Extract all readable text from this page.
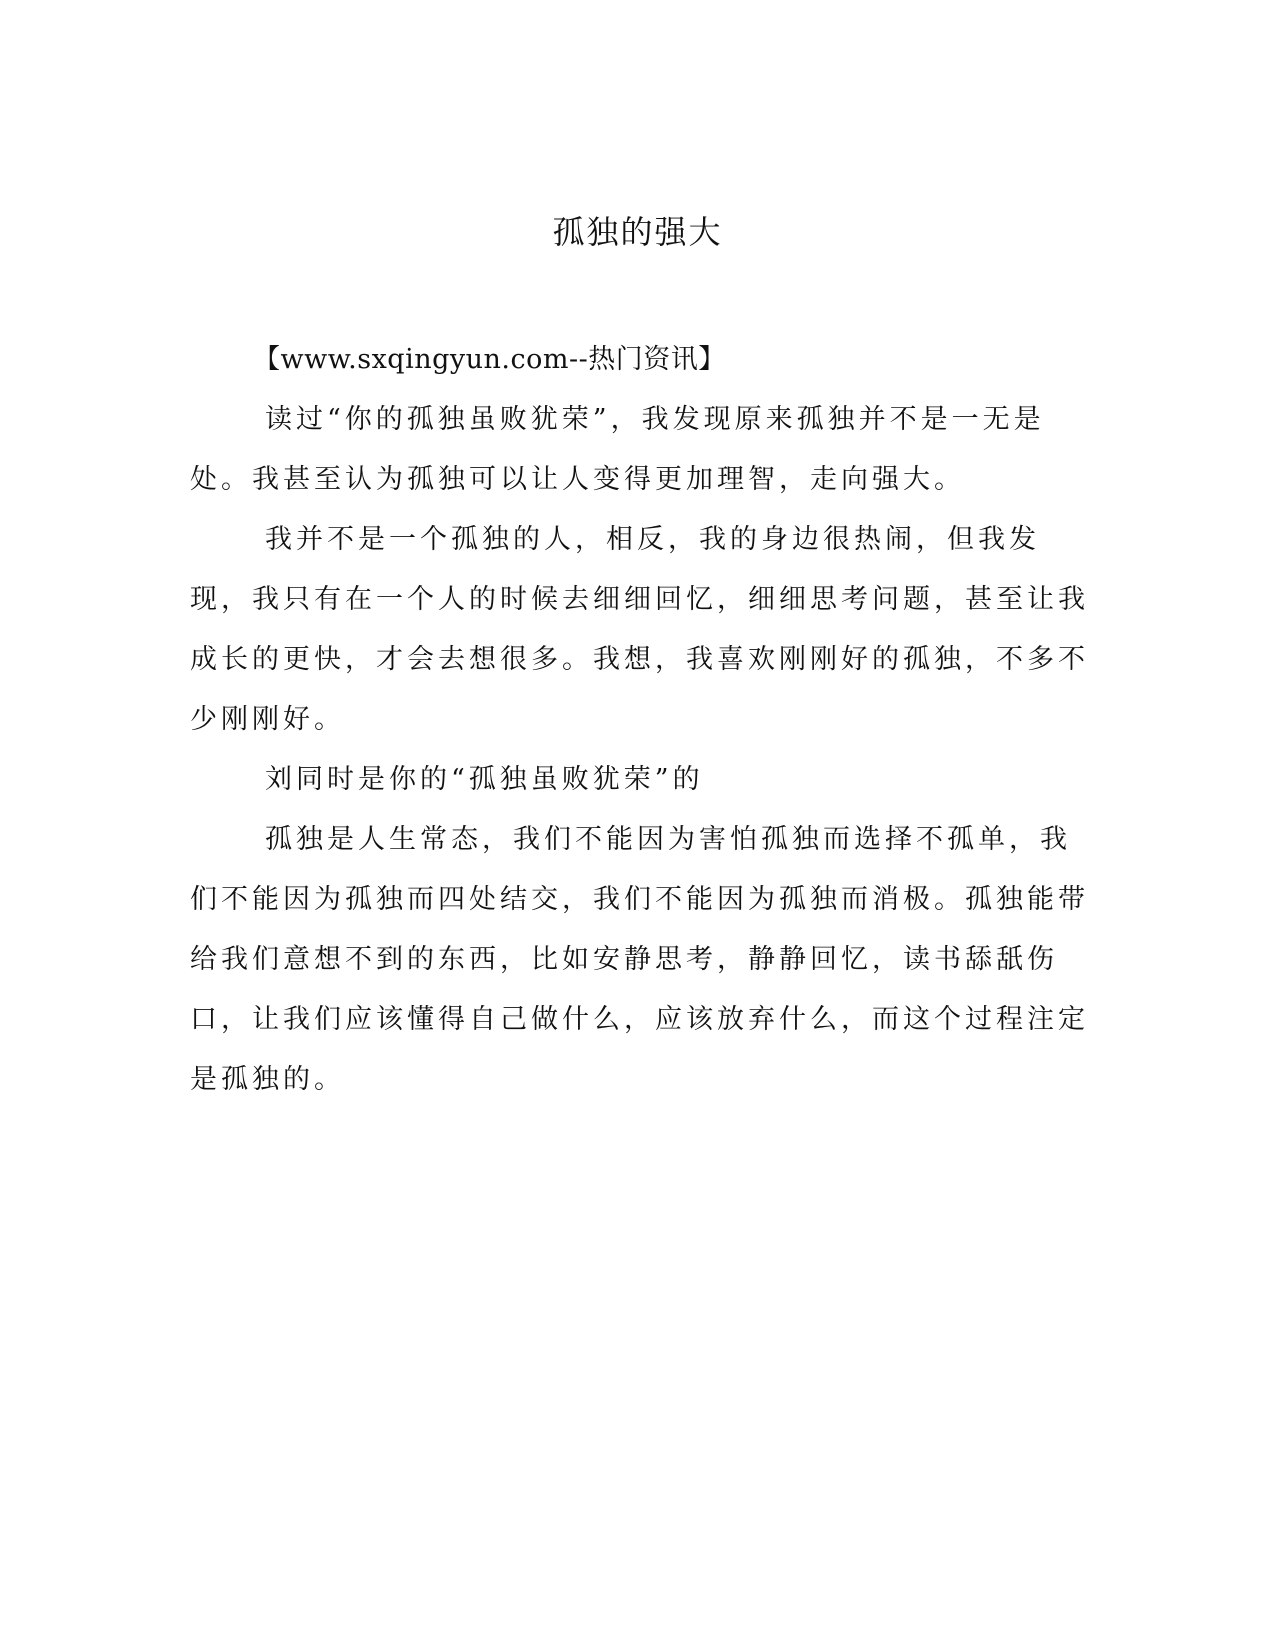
孤独的强大

【www.sxqingyun.com--热门资讯】

读过“你的孤独虽败犹荣”，我发现原来孤独并不是一无是处。我甚至认为孤独可以让人变得更加理智，走向强大。

我并不是一个孤独的人，相反，我的身边很热闹，但我发现，我只有在一个人的时候去细细回忆，细细思考问题，甚至让我成长的更快，才会去想很多。我想，我喜欢刚刚好的孤独，不多不少刚刚好。

刘同时是你的“孤独虽败犹荣”的

孤独是人生常态，我们不能因为害怕孤独而选择不孤单，我们不能因为孤独而四处结交，我们不能因为孤独而消极。孤独能带给我们意想不到的东西，比如安静思考，静静回忆，读书舔舐伤口，让我们应该懂得自己做什么，应该放弃什么，而这个过程注定是孤独的。
